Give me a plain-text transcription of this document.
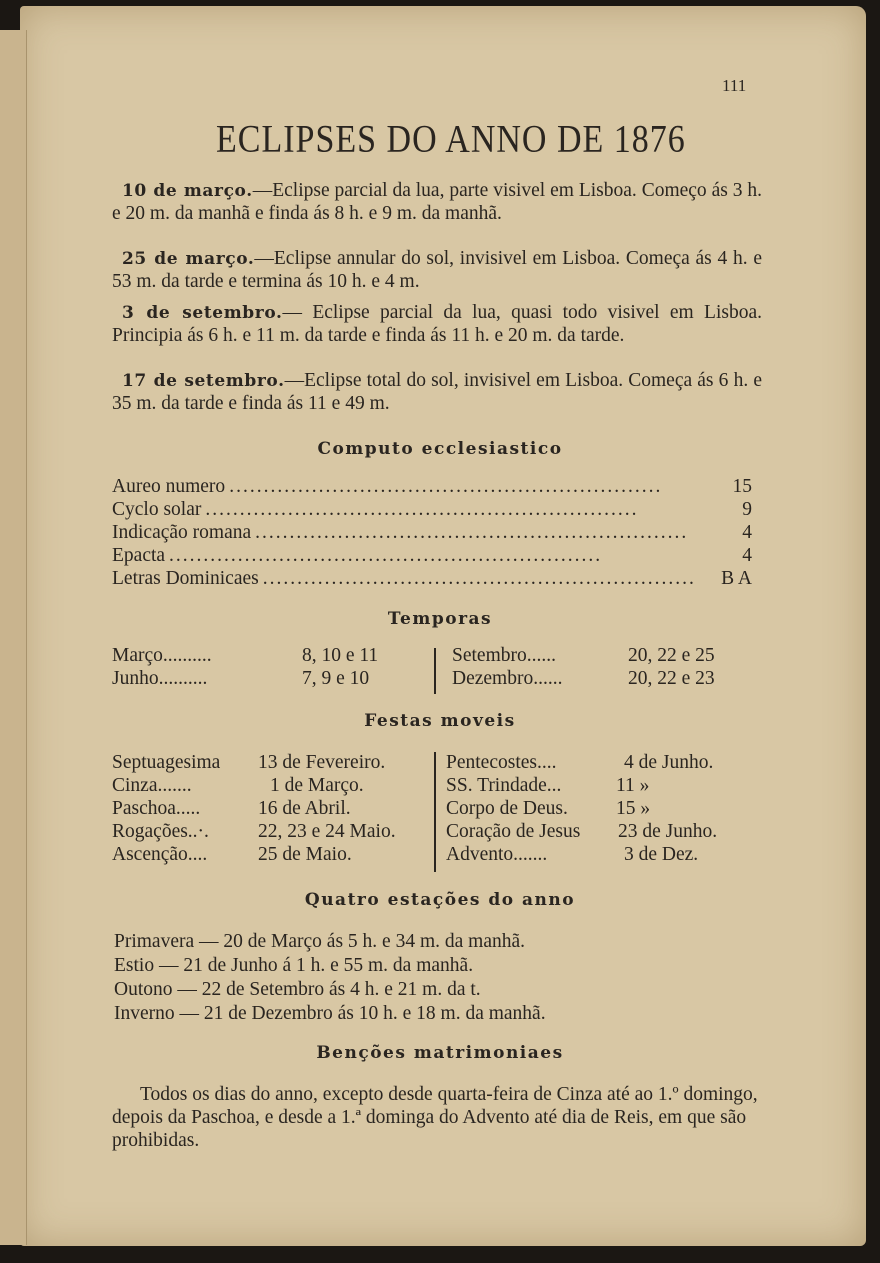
111
ECLIPSES DO ANNO DE 1876
10 de março.—Eclipse parcial da lua, parte visivel em Lisboa. Começo ás 3 h. e 20 m. da manhã e finda ás 8 h. e 9 m. da manhã.
25 de março.—Eclipse annular do sol, invisivel em Lisboa. Começa ás 4 h. e 53 m. da tarde e termina ás 10 h. e 4 m.
3 de setembro.— Eclipse parcial da lua, quasi todo visivel em Lisboa. Principia ás 6 h. e 11 m. da tarde e finda ás 11 h. e 20 m. da tarde.
17 de setembro.—Eclipse total do sol, invisivel em Lisboa. Começa ás 6 h. e 35 m. da tarde e finda ás 11 e 49 m.
Computo ecclesiastico
Aureo numero ...............................................................	15
Cyclo solar ...............................................................	9
Indicação romana ...............................................................	4
Epacta ...............................................................	4
Letras Dominicaes ...............................................................	B A
Temporas
Março..........	8, 10 e 11
Junho..........	7, 9 e 10
Setembro......	20, 22 e 25
Dezembro......	20, 22 e 23
Festas moveis
Septuagesima 13 de Fevereiro.
Cinza.......	1 de Março.
Paschoa.....	16 de Abril.
Rogações..·.	22, 23 e 24 Maio.
Ascenção....	25 de Maio.
Pentecostes....	4 de Junho.
SS. Trindade...	11 »
Corpo de Deus. 15 »
Coração de Jesus 23 de Junho.
Advento.......	3 de Dez.
Quatro estações do anno
Primavera — 20 de Março ás 5 h. e 34 m. da manhã.
Estio — 21 de Junho á 1 h. e 55 m. da manhã.
Outono — 22 de Setembro ás 4 h. e 21 m. da t.
Inverno — 21 de Dezembro ás 10 h. e 18 m. da manhã.
Benções matrimoniaes
Todos os dias do anno, excepto desde quarta-feira de Cinza até ao 1.º domingo, depois da Paschoa, e desde a 1.ª dominga do Advento até dia de Reis, em que são prohibidas.
